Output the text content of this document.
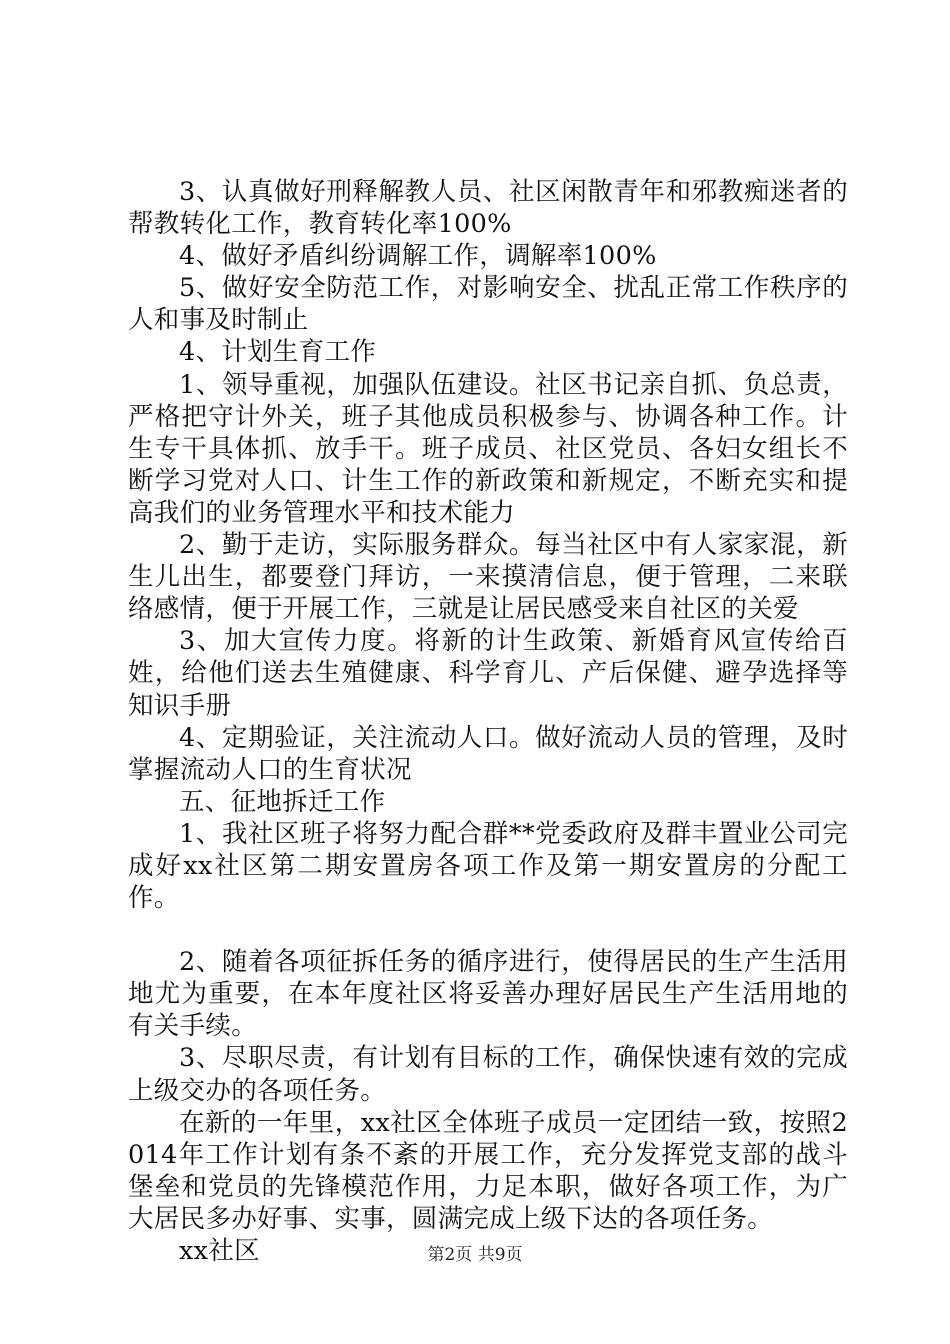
3、认真做好刑释解教人员、社区闲散青年和邪教痴迷者的帮教转化工作，教育转化率100%

4、做好矛盾纠纷调解工作，调解率100%

5、做好安全防范工作，对影响安全、扰乱正常工作秩序的人和事及时制止

4、计划生育工作

1、领导重视，加强队伍建设。社区书记亲自抓、负总责，严格把守计外关，班子其他成员积极参与、协调各种工作。计生专干具体抓、放手干。班子成员、社区党员、各妇女组长不断学习党对人口、计生工作的新政策和新规定，不断充实和提高我们的业务管理水平和技术能力

2、勤于走访，实际服务群众。每当社区中有人家家混，新生儿出生，都要登门拜访，一来摸清信息，便于管理，二来联络感情，便于开展工作，三就是让居民感受来自社区的关爱

3、加大宣传力度。将新的计生政策、新婚育风宣传给百姓，给他们送去生殖健康、科学育儿、产后保健、避孕选择等知识手册

4、定期验证，关注流动人口。做好流动人员的管理，及时掌握流动人口的生育状况

五、征地拆迁工作

1、我社区班子将努力配合群**党委政府及群丰置业公司完成好xx社区第二期安置房各项工作及第一期安置房的分配工作。

2、随着各项征拆任务的循序进行，使得居民的生产生活用地尤为重要，在本年度社区将妥善办理好居民生产生活用地的有关手续。

3、尽职尽责，有计划有目标的工作，确保快速有效的完成上级交办的各项任务。

在新的一年里，xx社区全体班子成员一定团结一致，按照2014年工作计划有条不紊的开展工作，充分发挥党支部的战斗堡垒和党员的先锋模范作用，力足本职，做好各项工作，为广大居民多办好事、实事，圆满完成上级下达的各项任务。

xx社区	第2页 共9页
